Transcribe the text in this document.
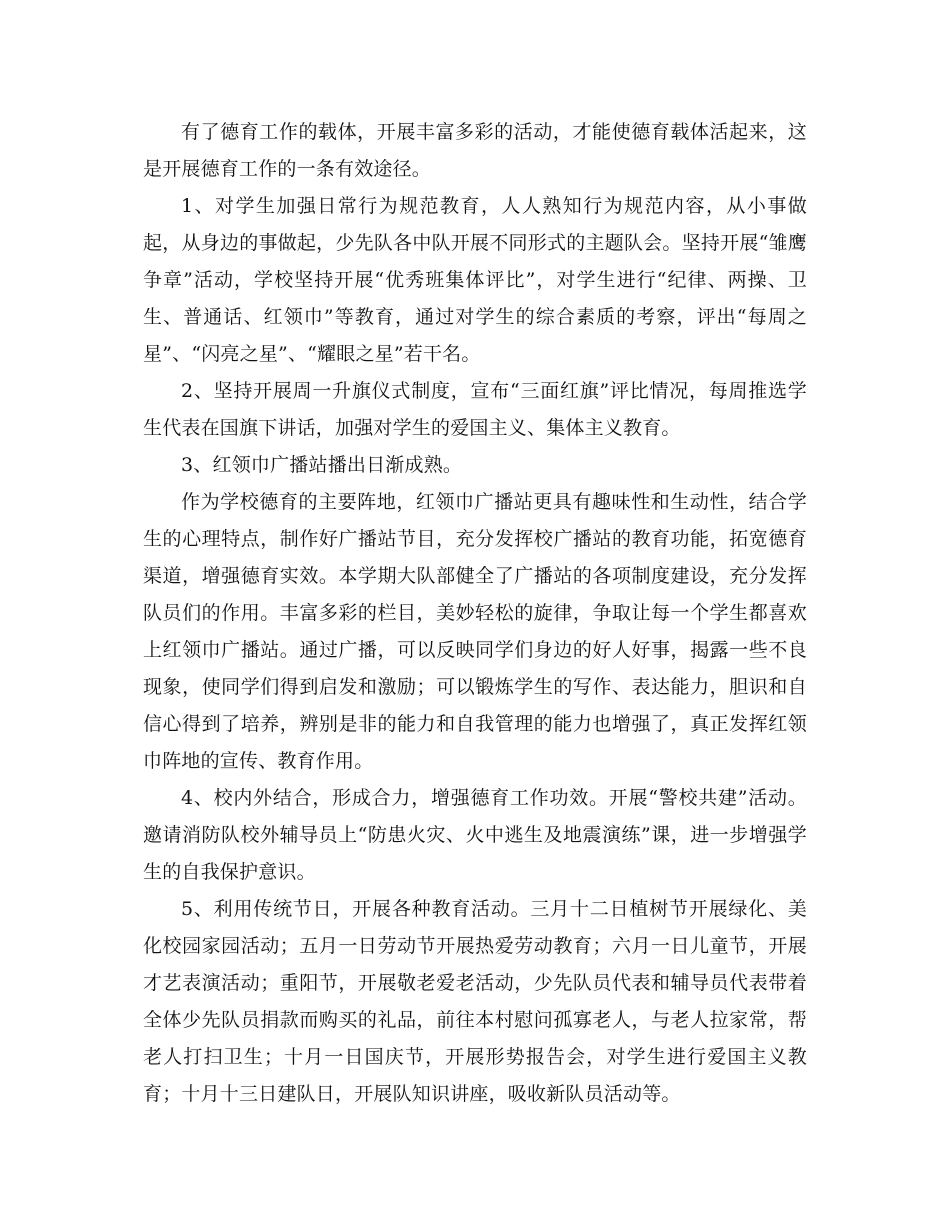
有了德育工作的载体，开展丰富多彩的活动，才能使德育载体活起来，这是开展德育工作的一条有效途径。

1、对学生加强日常行为规范教育，人人熟知行为规范内容，从小事做起，从身边的事做起，少先队各中队开展不同形式的主题队会。坚持开展“雏鹰争章”活动，学校坚持开展“优秀班集体评比”，对学生进行“纪律、两操、卫生、普通话、红领巾”等教育，通过对学生的综合素质的考察，评出“每周之星”、“闪亮之星”、“耀眼之星”若干名。

2、坚持开展周一升旗仪式制度，宣布“三面红旗”评比情况，每周推选学生代表在国旗下讲话，加强对学生的爱国主义、集体主义教育。

3、红领巾广播站播出日渐成熟。

作为学校德育的主要阵地，红领巾广播站更具有趣味性和生动性，结合学生的心理特点，制作好广播站节目，充分发挥校广播站的教育功能，拓宽德育渠道，增强德育实效。本学期大队部健全了广播站的各项制度建设，充分发挥队员们的作用。丰富多彩的栏目，美妙轻松的旋律，争取让每一个学生都喜欢上红领巾广播站。通过广播，可以反映同学们身边的好人好事，揭露一些不良现象，使同学们得到启发和激励；可以锻炼学生的写作、表达能力，胆识和自信心得到了培养，辨别是非的能力和自我管理的能力也增强了，真正发挥红领巾阵地的宣传、教育作用。

4、校内外结合，形成合力，增强德育工作功效。开展“警校共建”活动。邀请消防队校外辅导员上“防患火灾、火中逃生及地震演练”课，进一步增强学生的自我保护意识。

5、利用传统节日，开展各种教育活动。三月十二日植树节开展绿化、美化校园家园活动；五月一日劳动节开展热爱劳动教育；六月一日儿童节，开展才艺表演活动；重阳节，开展敬老爱老活动，少先队员代表和辅导员代表带着全体少先队员捐款而购买的礼品，前往本村慰问孤寡老人，与老人拉家常，帮老人打扫卫生；十月一日国庆节，开展形势报告会，对学生进行爱国主义教育；十月十三日建队日，开展队知识讲座，吸收新队员活动等。
